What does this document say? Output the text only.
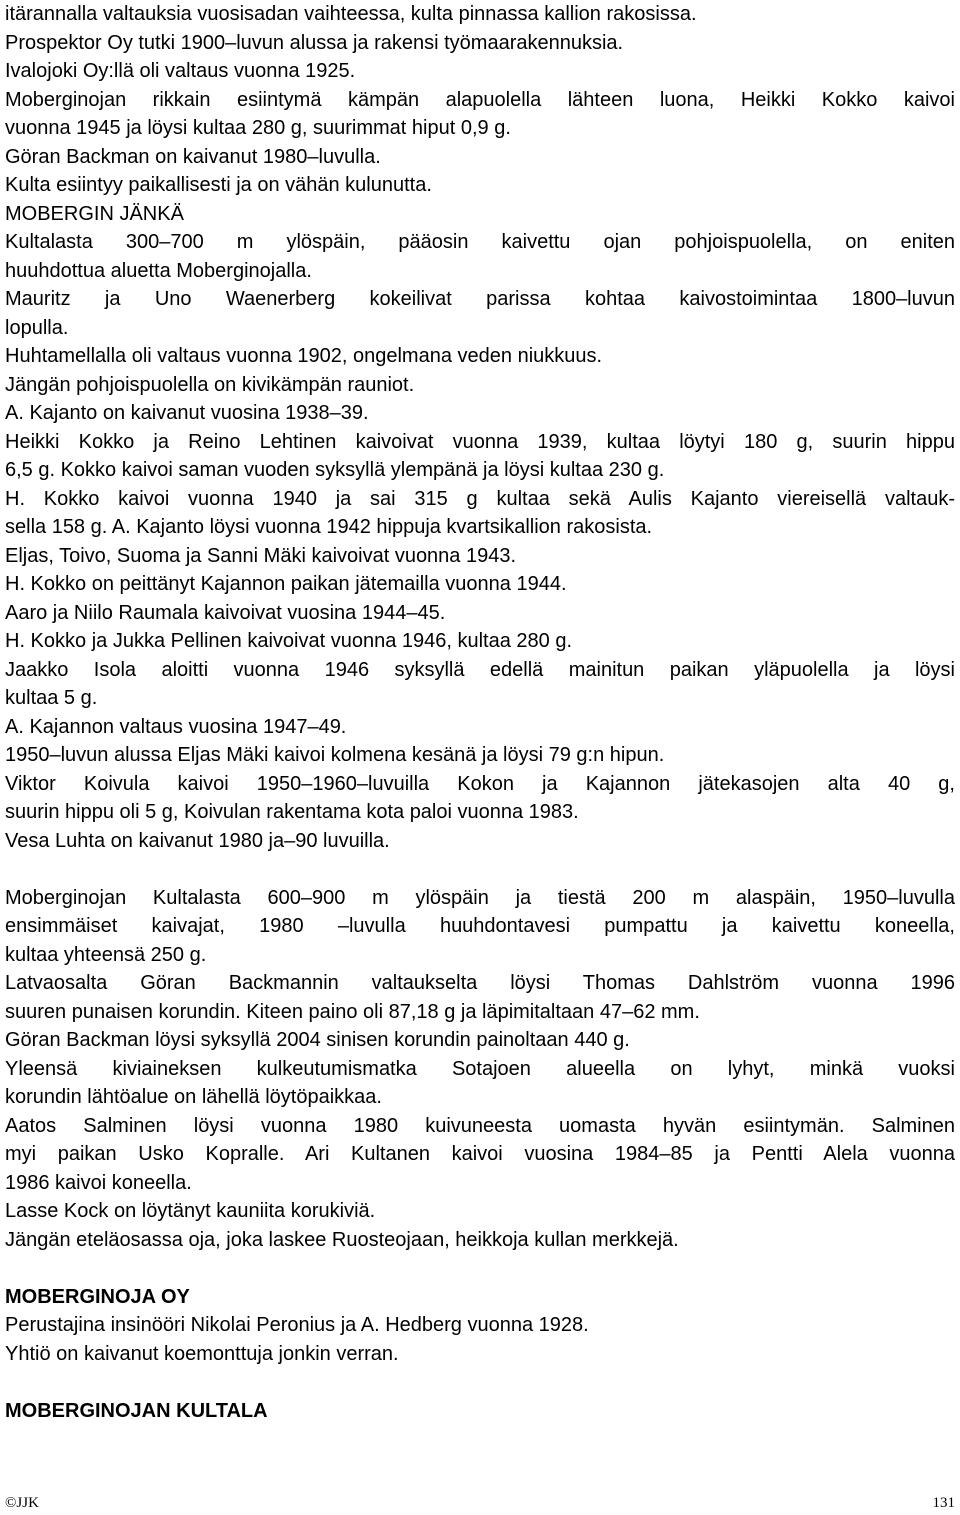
itärannalla valtauksia vuosisadan vaihteessa, kulta pinnassa kallion rakosissa.
Prospektor Oy tutki 1900–luvun alussa ja rakensi työmaarakennuksia.
Ivalojoki Oy:llä oli valtaus vuonna 1925.
Moberginojan rikkain esiintymä kämpän alapuolella lähteen luona, Heikki Kokko kaivoi
vuonna 1945 ja löysi kultaa 280 g, suurimmat hiput 0,9 g.
Göran Backman on kaivanut 1980–luvulla.
Kulta esiintyy paikallisesti ja on vähän kulunutta.
MOBERGIN JÄNKÄ
Kultalasta 300–700 m ylöspäin, pääosin kaivettu ojan pohjoispuolella, on eniten
huuhdottua aluetta Moberginojalla.
Mauritz ja Uno Waenerberg kokeilivat parissa kohtaa kaivostoimintaa 1800–luvun
lopulla.
Huhtamellalla oli valtaus vuonna 1902, ongelmana veden niukkuus.
Jängän pohjoispuolella on kivikämpän rauniot.
A. Kajanto on kaivanut vuosina 1938–39.
Heikki Kokko ja Reino Lehtinen kaivoivat vuonna 1939, kultaa löytyi 180 g, suurin hippu
6,5 g. Kokko kaivoi saman vuoden syksyllä ylempänä ja löysi kultaa 230 g.
H. Kokko kaivoi vuonna 1940 ja sai 315 g kultaa sekä Aulis Kajanto viereisellä valtauk-
sella 158 g. A. Kajanto löysi vuonna 1942 hippuja kvartsikallion rakosista.
Eljas, Toivo, Suoma ja Sanni Mäki kaivoivat vuonna 1943.
H. Kokko on peittänyt Kajannon paikan jätemailla vuonna 1944.
Aaro ja Niilo Raumala kaivoivat vuosina 1944–45.
H. Kokko ja Jukka Pellinen kaivoivat vuonna 1946, kultaa 280 g.
Jaakko Isola aloitti vuonna 1946 syksyllä edellä mainitun paikan yläpuolella ja löysi
kultaa 5 g.
A. Kajannon valtaus vuosina 1947–49.
1950–luvun alussa Eljas Mäki kaivoi kolmena kesänä ja löysi 79 g:n hipun.
Viktor Koivula kaivoi 1950–1960–luvuilla Kokon ja Kajannon jätekasojen alta 40 g,
suurin hippu oli 5 g, Koivulan rakentama kota paloi vuonna 1983.
Vesa Luhta on kaivanut 1980 ja–90 luvuilla.
Moberginojan Kultalasta 600–900 m ylöspäin ja tiestä 200 m alaspäin, 1950–luvulla
ensimmäiset kaivajat, 1980 –luvulla huuhdontavesi pumpattu ja kaivettu koneella,
kultaa yhteensä 250 g.
Latvaosalta Göran Backmannin valtaukselta löysi Thomas Dahlström vuonna 1996
suuren punaisen korundin. Kiteen paino oli 87,18 g ja läpimitaltaan 47–62 mm.
Göran Backman löysi syksyllä 2004 sinisen korundin painoltaan 440 g.
Yleensä kiviaineksen kulkeutumismatka Sotajoen alueella on lyhyt, minkä vuoksi
korundin lähtöalue on lähellä löytöpaikkaa.
Aatos Salminen löysi vuonna 1980 kuivuneesta uomasta hyvän esiintymän. Salminen
myi paikan Usko Kopralle. Ari Kultanen kaivoi vuosina 1984–85 ja Pentti Alela vuonna
1986 kaivoi koneella.
Lasse Kock on löytänyt kauniita korukiviä.
Jängän eteläosassa oja, joka laskee Ruosteojaan, heikkoja kullan merkkejä.
MOBERGINOJA OY
Perustajina insinööri Nikolai Peronius ja A. Hedberg vuonna 1928.
Yhtiö on kaivanut koemonttuja jonkin verran.
MOBERGINOJAN KULTALA
©JJK	131
